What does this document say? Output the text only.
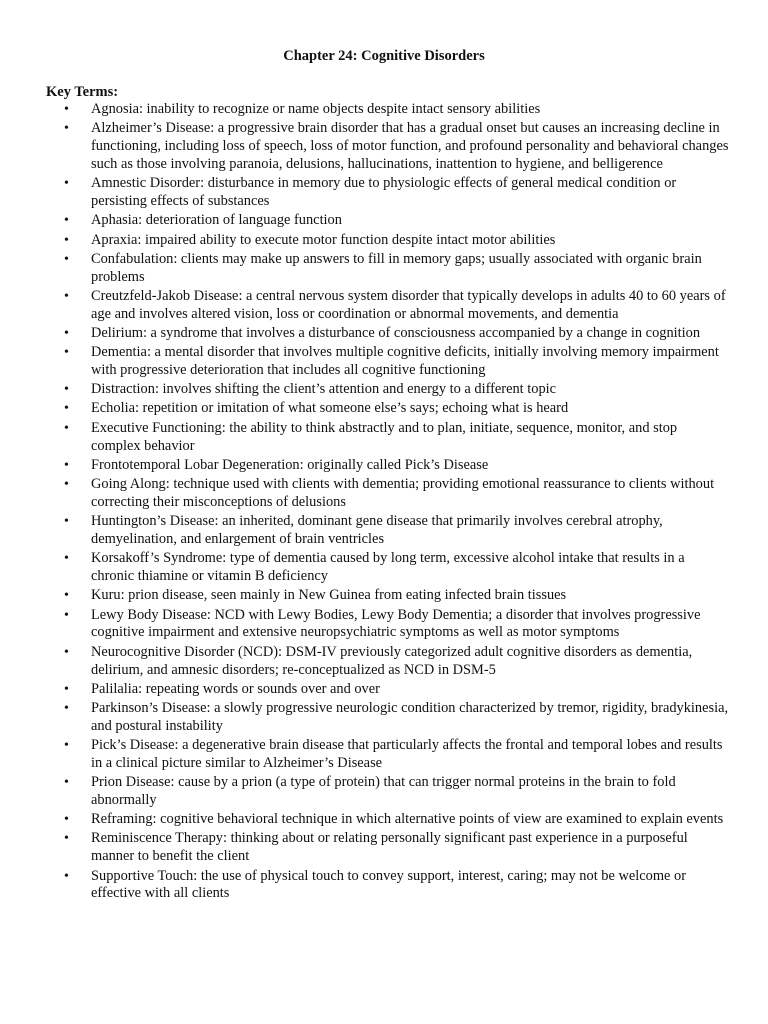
Chapter 24: Cognitive Disorders
Key Terms:
•	Agnosia: inability to recognize or name objects despite intact sensory abilities
•	Alzheimer’s Disease: a progressive brain disorder that has a gradual onset but causes an increasing decline in functioning, including loss of speech, loss of motor function, and profound personality and behavioral changes such as those involving paranoia, delusions, hallucinations, inattention to hygiene, and belligerence
•	Amnestic Disorder: disturbance in memory due to physiologic effects of general medical condition or persisting effects of substances
•	Aphasia: deterioration of language function
•	Apraxia: impaired ability to execute motor function despite intact motor abilities
•	Confabulation: clients may make up answers to fill in memory gaps; usually associated with organic brain problems
•	Creutzfeld-Jakob Disease: a central nervous system disorder that typically develops in adults 40 to 60 years of age and involves altered vision, loss or coordination or abnormal movements, and dementia
•	Delirium: a syndrome that involves a disturbance of consciousness accompanied by a change in cognition
•	Dementia: a mental disorder that involves multiple cognitive deficits, initially involving memory impairment with progressive deterioration that includes all cognitive functioning
•	Distraction: involves shifting the client’s attention and energy to a different topic
•	Echolia: repetition or imitation of what someone else’s says; echoing what is heard
•	Executive Functioning: the ability to think abstractly and to plan, initiate, sequence, monitor, and stop complex behavior
•	Frontotemporal Lobar Degeneration: originally called Pick’s Disease
•	Going Along: technique used with clients with dementia; providing emotional reassurance to clients without correcting their misconceptions of delusions
•	Huntington’s Disease: an inherited, dominant gene disease that primarily involves cerebral atrophy, demyelination, and enlargement of brain ventricles
•	Korsakoff’s Syndrome: type of dementia caused by long term, excessive alcohol intake that results in a chronic thiamine or vitamin B deficiency
•	Kuru: prion disease, seen mainly in New Guinea from eating infected brain tissues
•	Lewy Body Disease: NCD with Lewy Bodies, Lewy Body Dementia; a disorder that involves progressive cognitive impairment and extensive neuropsychiatric symptoms as well as motor symptoms
•	Neurocognitive Disorder (NCD): DSM-IV previously categorized adult cognitive disorders as dementia, delirium, and amnesic disorders; re-conceptualized as NCD in DSM-5
•	Palilalia: repeating words or sounds over and over
•	Parkinson’s Disease: a slowly progressive neurologic condition characterized by tremor, rigidity, bradykinesia, and postural instability
•	Pick’s Disease: a degenerative brain disease that particularly affects the frontal and temporal lobes and results in a clinical picture similar to Alzheimer’s Disease
•	Prion Disease: cause by a prion (a type of protein) that can trigger normal proteins in the brain to fold abnormally
•	Reframing: cognitive behavioral technique in which alternative points of view are examined to explain events
•	Reminiscence Therapy: thinking about or relating personally significant past experience in a purposeful manner to benefit the client
•	Supportive Touch: the use of physical touch to convey support, interest, caring; may not be welcome or effective with all clients
